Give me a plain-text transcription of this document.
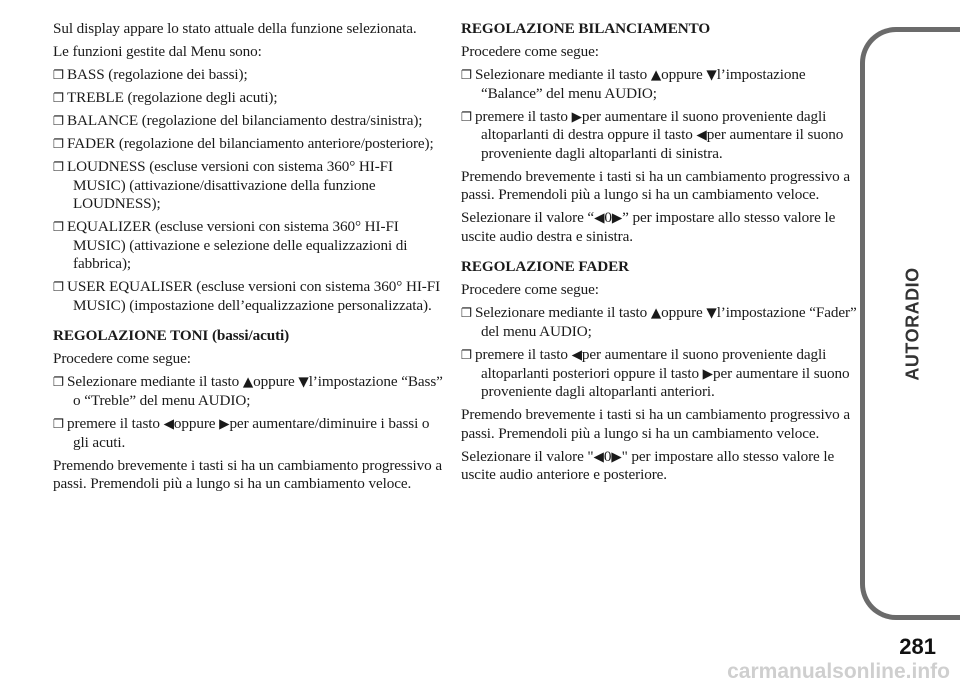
Sul display appare lo stato attuale della funzione selezionata.

Le funzioni gestite dal Menu sono:

❐ BASS (regolazione dei bassi);

❐ TREBLE (regolazione degli acuti);

❐ BALANCE (regolazione del bilanciamento destra/sinistra);

❐ FADER (regolazione del bilanciamento anteriore/posteriore);

❐ LOUDNESS (escluse versioni con sistema 360° HI-FI MUSIC) (attivazione/disattivazione della funzione LOUDNESS);

❐ EQUALIZER (escluse versioni con sistema 360° HI-FI MUSIC) (attivazione e selezione delle equalizzazioni di fabbrica);

❐ USER EQUALISER (escluse versioni con sistema 360° HI-FI MUSIC) (impostazione dell’equalizzazione personalizzata).

REGOLAZIONE TONI (bassi/acuti)

Procedere come segue:

❐ Selezionare mediante il tasto ▲oppure ▼l’impostazione “Bass” o “Treble” del menu AUDIO;

❐ premere il tasto ◀oppure ▶per aumentare/diminuire i bassi o gli acuti.

Premendo brevemente i tasti si ha un cambiamento progressivo a passi. Premendoli più a lungo si ha un cambiamento veloce.

REGOLAZIONE BILANCIAMENTO

Procedere come segue:

❐ Selezionare mediante il tasto ▲oppure ▼l’impostazione “Balance” del menu AUDIO;

❐ premere il tasto ▶per aumentare il suono proveniente dagli altoparlanti di destra oppure il tasto ◀per aumentare il suono proveniente dagli altoparlanti di sinistra.

Premendo brevemente i tasti si ha un cambiamento progressivo a passi. Premendoli più a lungo si ha un cambiamento veloce.

Selezionare il valore “◀0▶” per impostare allo stesso valore le uscite audio destra e sinistra.

REGOLAZIONE FADER

Procedere come segue:

❐ Selezionare mediante il tasto ▲oppure ▼l’impostazione “Fader” del menu AUDIO;

❐ premere il tasto ◀per aumentare il suono proveniente dagli altoparlanti posteriori oppure il tasto ▶per aumentare il suono proveniente dagli altoparlanti anteriori.

Premendo brevemente i tasti si ha un cambiamento progressivo a passi. Premendoli più a lungo si ha un cambiamento veloce.

Selezionare il valore "◀0▶" per impostare allo stesso valore le uscite audio anteriore e posteriore.

AUTORADIO
281
carmanualsonline.info
